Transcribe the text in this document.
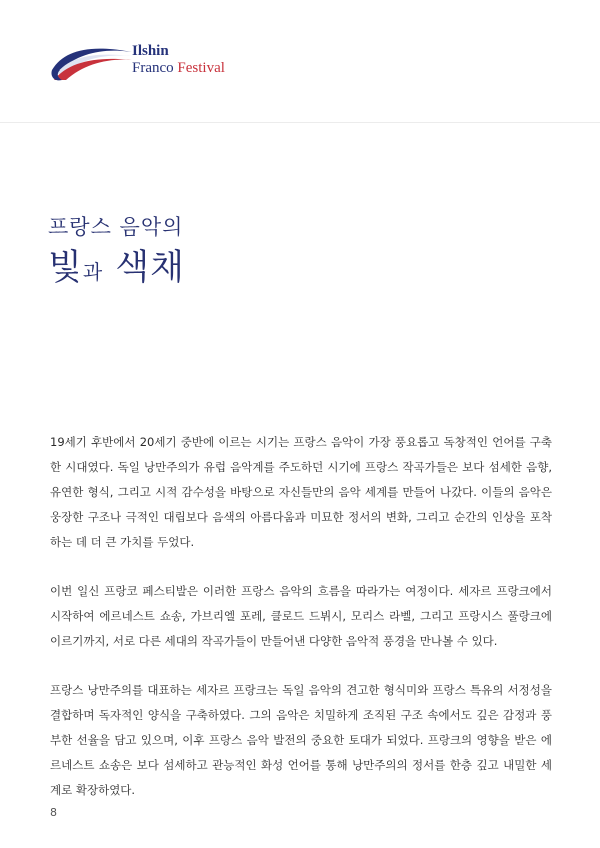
Ilshin
Franco Festival
프랑스 음악의
빛과 색채

19세기 후반에서 20세기 중반에 이르는 시기는 프랑스 음악이 가장 풍요롭고 독창적인 언어를 구축한 시대였다. 독일 낭만주의가 유럽 음악계를 주도하던 시기에 프랑스 작곡가들은 보다 섬세한 음향, 유연한 형식, 그리고 시적 감수성을 바탕으로 자신들만의 음악 세계를 만들어 나갔다. 이들의 음악은 웅장한 구조나 극적인 대립보다 음색의 아름다움과 미묘한 정서의 변화, 그리고 순간의 인상을 포착하는 데 더 큰 가치를 두었다.

이번 일신 프랑코 페스티발은 이러한 프랑스 음악의 흐름을 따라가는 여정이다. 세자르 프랑크에서 시작하여 에르네스트 쇼송, 가브리엘 포레, 클로드 드뷔시, 모리스 라벨, 그리고 프랑시스 풀랑크에 이르기까지, 서로 다른 세대의 작곡가들이 만들어낸 다양한 음악적 풍경을 만나볼 수 있다.

프랑스 낭만주의를 대표하는 세자르 프랑크는 독일 음악의 견고한 형식미와 프랑스 특유의 서정성을 결합하며 독자적인 양식을 구축하였다. 그의 음악은 치밀하게 조직된 구조 속에서도 깊은 감정과 풍부한 선율을 담고 있으며, 이후 프랑스 음악 발전의 중요한 토대가 되었다. 프랑크의 영향을 받은 에르네스트 쇼송은 보다 섬세하고 관능적인 화성 언어를 통해 낭만주의의 정서를 한층 깊고 내밀한 세계로 확장하였다.

8
